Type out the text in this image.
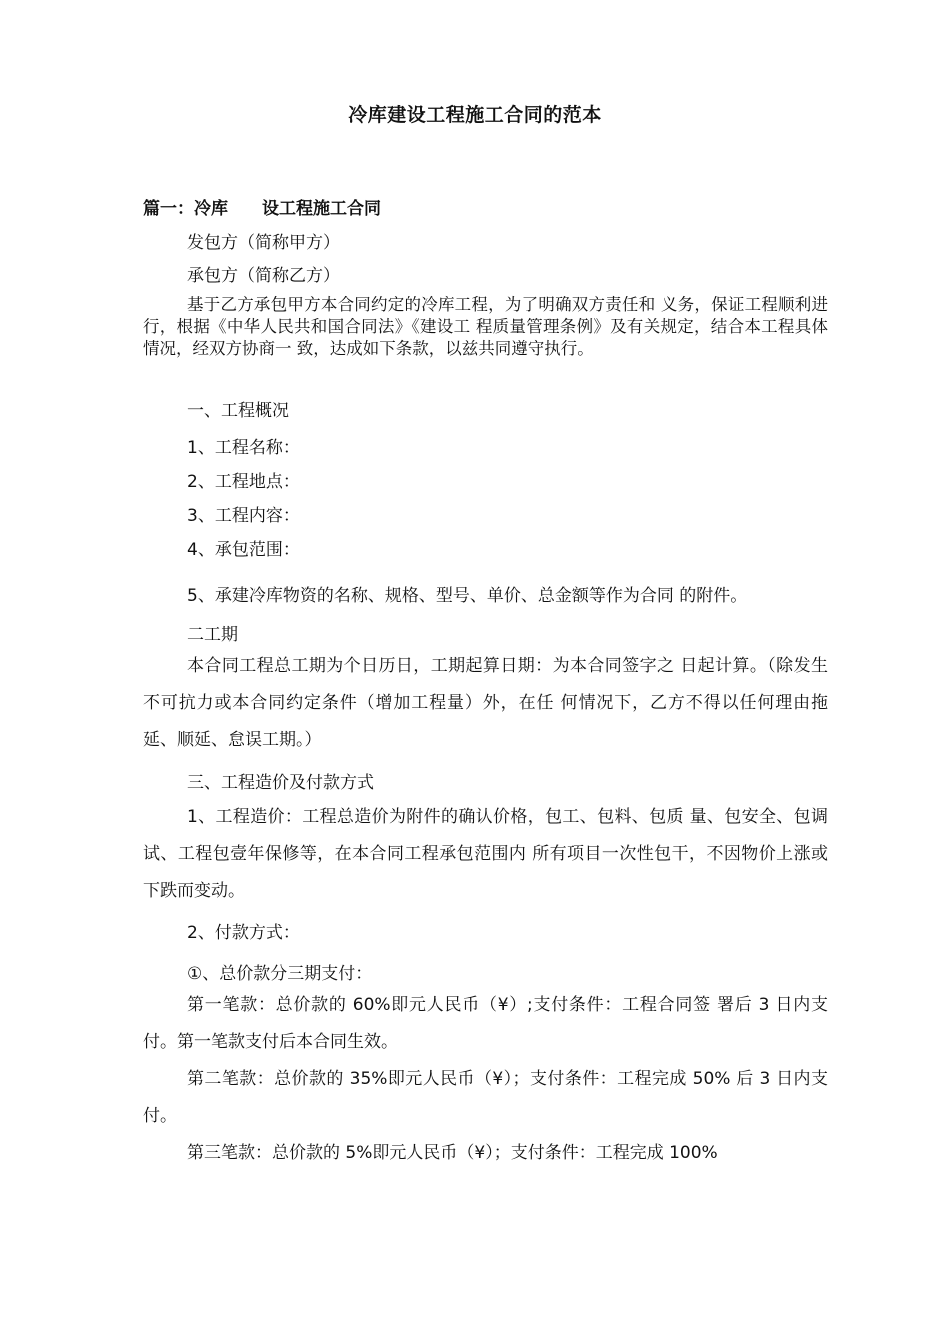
冷库建设工程施工合同的范本
篇一：冷库　　设工程施工合同
发包方（简称甲方）
承包方（简称乙方）
基于乙方承包甲方本合同约定的冷库工程，为了明确双方责任和 义务，保证工程顺利进行，根据《中华人民共和国合同法》《建设工 程质量管理条例》及有关规定，结合本工程具体情况，经双方协商一 致，达成如下条款，以兹共同遵守执行。
一、工程概况
1、工程名称：
2、工程地点：
3、工程内容：
4、承包范围：
5、承建冷库物资的名称、规格、型号、单价、总金额等作为合同 的附件。
二工期
本合同工程总工期为个日历日，工期起算日期：为本合同签字之 日起计算。（除发生不可抗力或本合同约定条件（增加工程量）外，在任 何情况下，乙方不得以任何理由拖延、顺延、怠误工期。）
三、工程造价及付款方式
1、工程造价：工程总造价为附件的确认价格，包工、包料、包质 量、包安全、包调试、工程包壹年保修等，在本合同工程承包范围内 所有项目一次性包干，不因物价上涨或下跌而变动。
2、付款方式：
①、总价款分三期支付：
第一笔款：总价款的 60%即元人民币（¥）;支付条件：工程合同签 署后 3 日内支付。第一笔款支付后本合同生效。
第二笔款：总价款的 35%即元人民币（¥）；支付条件：工程完成 50% 后 3 日内支付。
第三笔款：总价款的 5%即元人民币（¥）；支付条件：工程完成 100%
